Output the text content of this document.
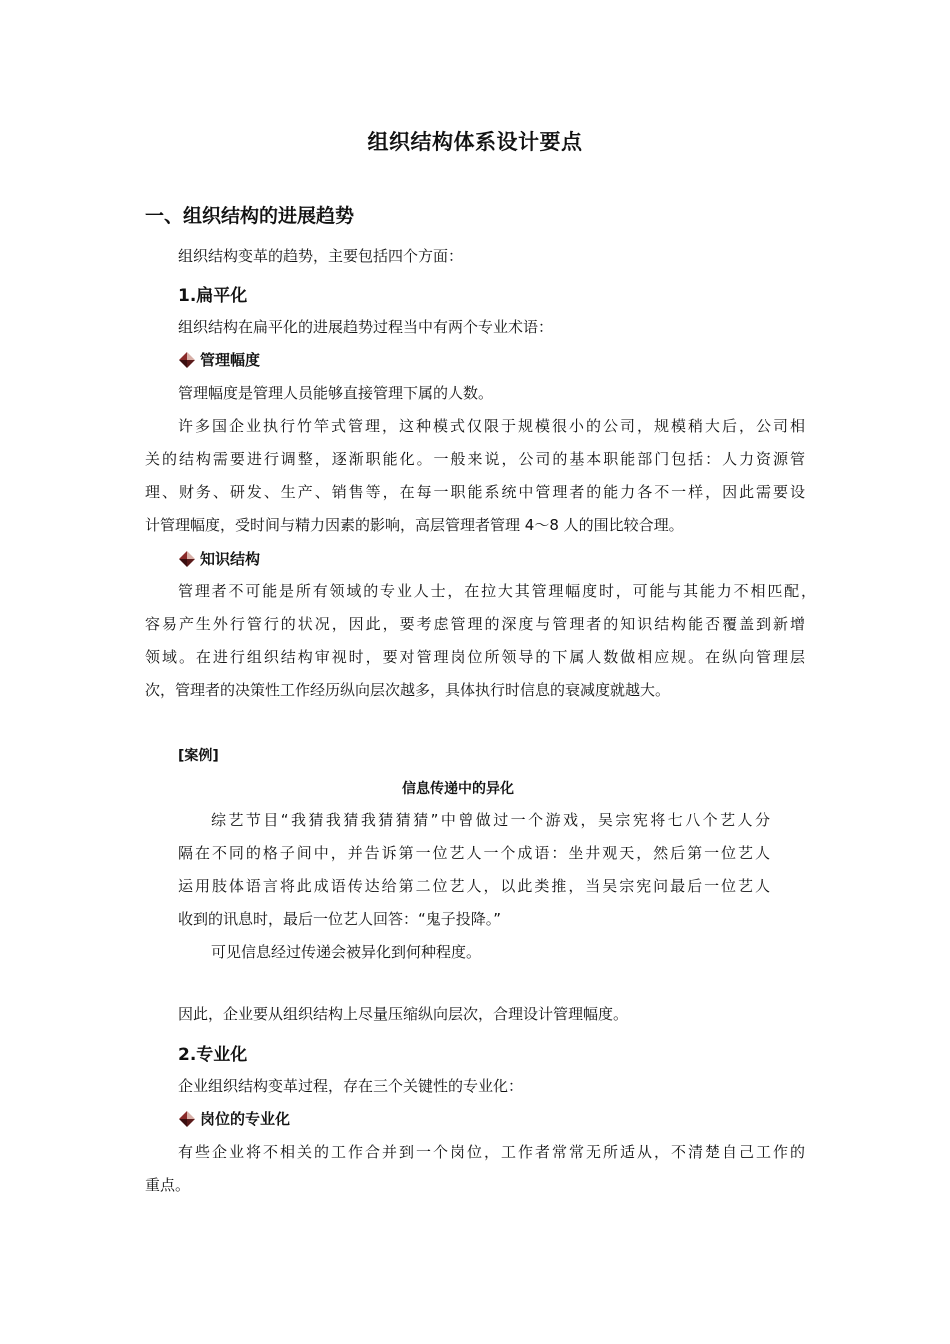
组织结构体系设计要点
一、组织结构的进展趋势
组织结构变革的趋势，主要包括四个方面：
1.扁平化
组织结构在扁平化的进展趋势过程当中有两个专业术语：
管理幅度
管理幅度是管理人员能够直接管理下属的人数。
许多国企业执行竹竿式管理，这种模式仅限于规模很小的公司，规模稍大后，公司相
关的结构需要进行调整，逐渐职能化。一般来说，公司的基本职能部门包括：人力资源管
理、财务、研发、生产、销售等，在每一职能系统中管理者的能力各不一样，因此需要设
计管理幅度，受时间与精力因素的影响，高层管理者管理 4～8 人的围比较合理。
知识结构
管理者不可能是所有领域的专业人士，在拉大其管理幅度时，可能与其能力不相匹配，
容易产生外行管行的状况，因此，要考虑管理的深度与管理者的知识结构能否覆盖到新增
领域。在进行组织结构审视时，要对管理岗位所领导的下属人数做相应规。在纵向管理层
次，管理者的决策性工作经历纵向层次越多，具体执行时信息的衰减度就越大。
[案例]
信息传递中的异化
综艺节目“我猜我猜我猜猜猜”中曾做过一个游戏，吴宗宪将七八个艺人分
隔在不同的格子间中，并告诉第一位艺人一个成语：坐井观天，然后第一位艺人
运用肢体语言将此成语传达给第二位艺人，以此类推，当吴宗宪问最后一位艺人
收到的讯息时，最后一位艺人回答：“鬼子投降。”
可见信息经过传递会被异化到何种程度。
因此，企业要从组织结构上尽量压缩纵向层次，合理设计管理幅度。
2.专业化
企业组织结构变革过程，存在三个关键性的专业化：
岗位的专业化
有些企业将不相关的工作合并到一个岗位，工作者常常无所适从，不清楚自己工作的
重点。
